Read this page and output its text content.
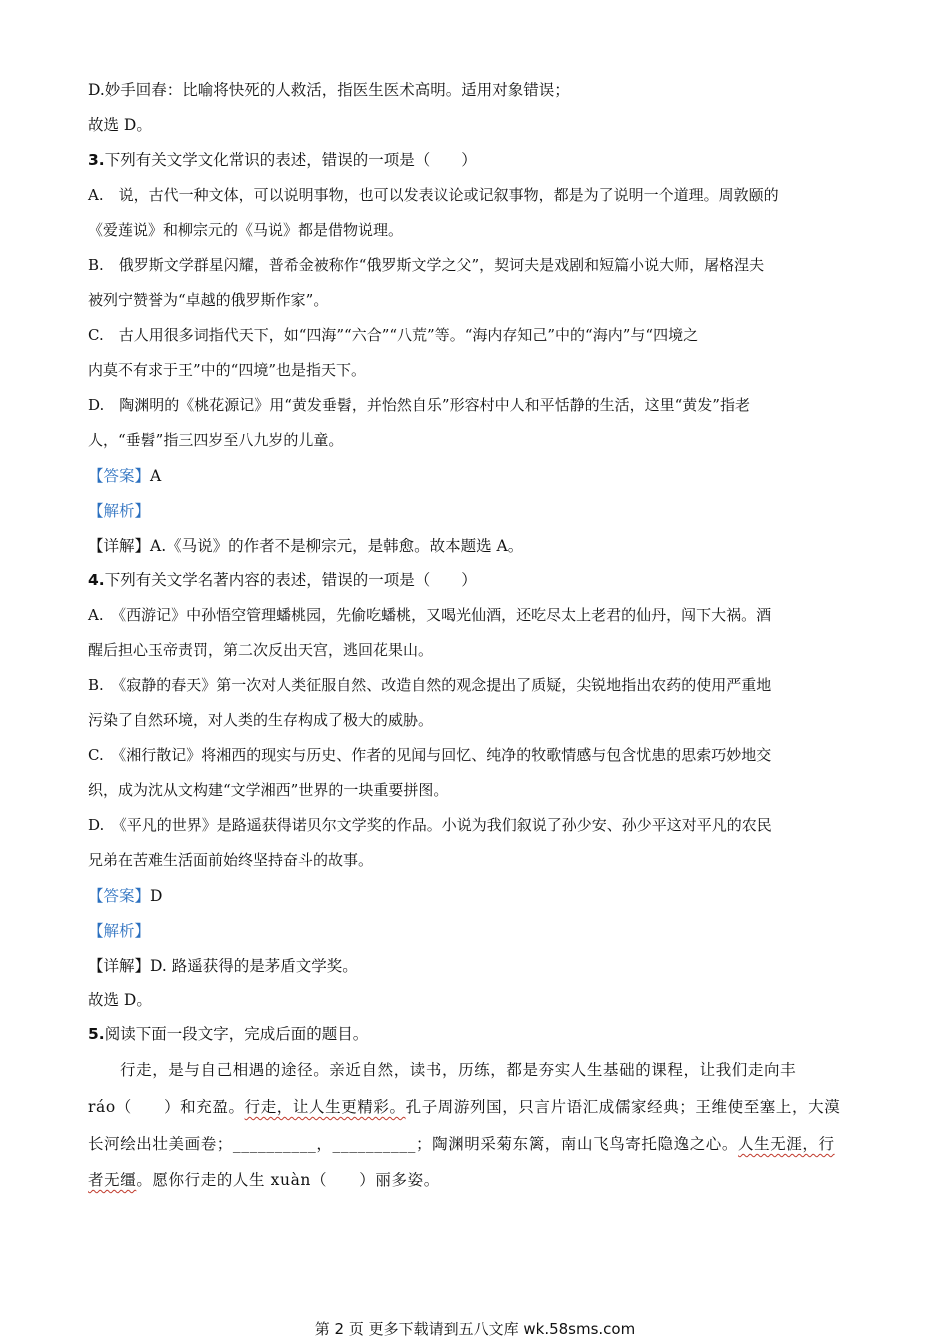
D.妙手回春：比喻将快死的人救活，指医生医术高明。适用对象错误；
故选 D。
3.下列有关文学文化常识的表述，错误的一项是（　　）
A.　说，古代一种文体，可以说明事物，也可以发表议论或记叙事物，都是为了说明一个道理。周敦颐的
《爱莲说》和柳宗元的《马说》都是借物说理。
B.　俄罗斯文学群星闪耀，普希金被称作“俄罗斯文学之父”，契诃夫是戏剧和短篇小说大师，屠格涅夫
被列宁赞誉为“卓越的俄罗斯作家”。
C.　古人用很多词指代天下，如“四海”“六合”“八荒”等。“海内存知己”中的“海内”与“四境之
内莫不有求于王”中的“四境”也是指天下。
D.　陶渊明的《桃花源记》用“黄发垂髫，并怡然自乐”形容村中人和平恬静的生活，这里“黄发”指老
人，“垂髫”指三四岁至八九岁的儿童。
【答案】A
【解析】
【详解】A.《马说》的作者不是柳宗元，是韩愈。故本题选 A。
4.下列有关文学名著内容的表述，错误的一项是（　　）
A.　《西游记》中孙悟空管理蟠桃园，先偷吃蟠桃，又喝光仙酒，还吃尽太上老君的仙丹，闯下大祸。酒
醒后担心玉帝责罚，第二次反出天宫，逃回花果山。
B.　《寂静的春天》第一次对人类征服自然、改造自然的观念提出了质疑，尖锐地指出农药的使用严重地
污染了自然环境，对人类的生存构成了极大的威胁。
C.　《湘行散记》将湘西的现实与历史、作者的见闻与回忆、纯净的牧歌情感与包含忧患的思索巧妙地交
织，成为沈从文构建“文学湘西”世界的一块重要拼图。
D.　《平凡的世界》是路遥获得诺贝尔文学奖的作品。小说为我们叙说了孙少安、孙少平这对平凡的农民
兄弟在苦难生活面前始终坚持奋斗的故事。
【答案】D
【解析】
【详解】D. 路遥获得的是茅盾文学奖。
故选 D。
5.阅读下面一段文字，完成后面的题目。
行走，是与自己相遇的途径。亲近自然，读书，历练，都是夯实人生基础的课程，让我们走向丰
ráo（　　）和充盈。行走，让人生更精彩。孔子周游列国，只言片语汇成儒家经典；王维使至塞上，大漠
长河绘出壮美画卷；__________，__________；陶渊明采菊东篱，南山飞鸟寄托隐逸之心。人生无涯，行
者无缰。愿你行走的人生 xuàn（　　）丽多姿。
第 2 页 更多下载请到五八文库 wk.58sms.com
